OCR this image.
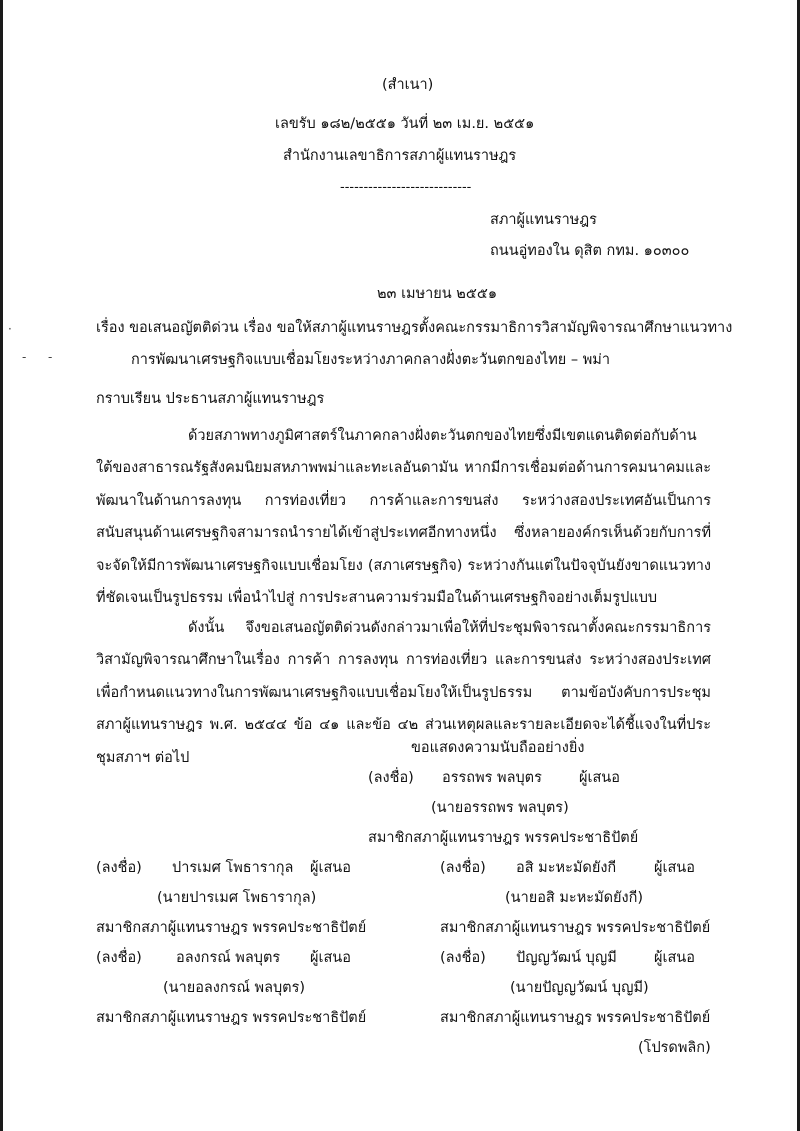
·
- -
(สำเนา)
เลขรับ ๑๘๒/๒๕๕๑ วันที่ ๒๓ เม.ย. ๒๕๕๑
สำนักงานเลขาธิการสภาผู้แทนราษฎร
----------------------------
สภาผู้แทนราษฎร
ถนนอู่ทองใน ดุสิต กทม. ๑๐๓๐๐
๒๓ เมษายน ๒๕๕๑
เรื่อง ขอเสนอญัตติด่วน เรื่อง ขอให้สภาผู้แทนราษฎรตั้งคณะกรรมาธิการวิสามัญพิจารณาศึกษาแนวทาง
การพัฒนาเศรษฐกิจแบบเชื่อมโยงระหว่างภาคกลางฝั่งตะวันตกของไทย – พม่า
กราบเรียน ประธานสภาผู้แทนราษฎร
ด้วยสภาพทางภูมิศาสตร์ในภาคกลางฝั่งตะวันตกของไทยซึ่งมีเขตแดนติดต่อกับด้านใต้ของสาธารณรัฐสังคมนิยมสหภาพพม่าและทะเลอันดามัน หากมีการเชื่อมต่อด้านการคมนาคมและพัฒนาในด้านการลงทุน การท่องเที่ยว การค้าและการขนส่ง ระหว่างสองประเทศอันเป็นการสนับสนุนด้านเศรษฐกิจสามารถนำรายได้เข้าสู่ประเทศอีกทางหนึ่ง ซึ่งหลายองค์กรเห็นด้วยกับการที่จะจัดให้มีการพัฒนาเศรษฐกิจแบบเชื่อมโยง (สภาเศรษฐกิจ) ระหว่างกันแต่ในปัจจุบันยังขาดแนวทางที่ชัดเจนเป็นรูปธรรม เพื่อนำไปสู่ การประสานความร่วมมือในด้านเศรษฐกิจอย่างเต็มรูปแบบ
ดังนั้น จึงขอเสนอญัตติด่วนดังกล่าวมาเพื่อให้ที่ประชุมพิจารณาตั้งคณะกรรมาธิการวิสามัญพิจารณาศึกษาในเรื่อง การค้า การลงทุน การท่องเที่ยว และการขนส่ง ระหว่างสองประเทศ เพื่อกำหนดแนวทางในการพัฒนาเศรษฐกิจแบบเชื่อมโยงให้เป็นรูปธรรม ตามข้อบังคับการประชุมสภาผู้แทนราษฎร พ.ศ. ๒๕๔๔ ข้อ ๔๑ และข้อ ๔๒ ส่วนเหตุผลและรายละเอียดจะได้ชี้แจงในที่ประชุมสภาฯ ต่อไป
ขอแสดงความนับถืออย่างยิ่ง
(ลงชื่อ) อรรถพร พลบุตร	ผู้เสนอ
(นายอรรถพร พลบุตร)
สมาชิกสภาผู้แทนราษฎร พรรคประชาธิปัตย์
(ลงชื่อ) ปารเมศ โพธารากุล ผู้เสนอ
(นายปารเมศ โพธารากุล)
สมาชิกสภาผู้แทนราษฎร พรรคประชาธิปัตย์
(ลงชื่อ) อลงกรณ์ พลบุตร ผู้เสนอ
(นายอลงกรณ์ พลบุตร)
สมาชิกสภาผู้แทนราษฎร พรรคประชาธิปัตย์
(ลงชื่อ) อสิ มะหะมัดยังกี	ผู้เสนอ
(นายอสิ มะหะมัดยังกี)
สมาชิกสภาผู้แทนราษฎร พรรคประชาธิปัตย์
(ลงชื่อ) ปัญญวัฒน์ บุญมี	ผู้เสนอ
(นายปัญญวัฒน์ บุญมี)
สมาชิกสภาผู้แทนราษฎร พรรคประชาธิปัตย์
(โปรดพลิก)
